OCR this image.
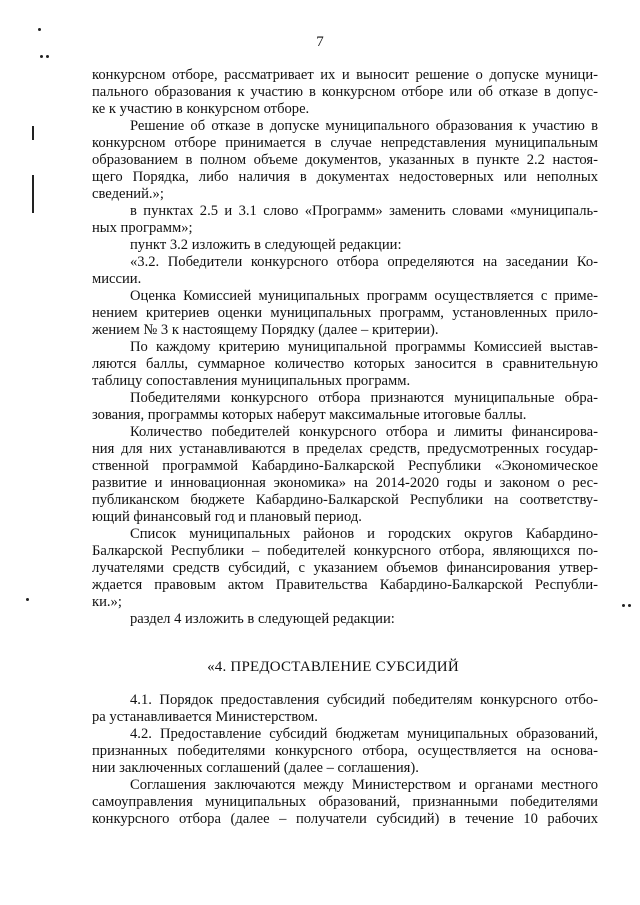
7
конкурсном отборе, рассматривает их и выносит решение о допуске муници-
пального образования к участию в конкурсном отборе или об отказе в допус-
ке к участию в конкурсном отборе.
Решение об отказе в допуске муниципального образования к участию в
конкурсном отборе принимается в случае непредставления муниципальным
образованием в полном объеме документов, указанных в пункте 2.2 настоя-
щего Порядка, либо наличия в документах недостоверных или неполных
сведений.»;
в пунктах 2.5 и 3.1 слово «Программ» заменить словами «муниципаль-
ных программ»;
пункт 3.2 изложить в следующей редакции:
«3.2. Победители конкурсного отбора определяются на заседании Ко-
миссии.
Оценка Комиссией муниципальных программ осуществляется с приме-
нением критериев оценки муниципальных программ, установленных прило-
жением № 3 к настоящему Порядку (далее – критерии).
По каждому критерию муниципальной программы Комиссией выстав-
ляются баллы, суммарное количество которых заносится в сравнительную
таблицу сопоставления муниципальных программ.
Победителями конкурсного отбора признаются муниципальные обра-
зования, программы которых наберут максимальные итоговые баллы.
Количество победителей конкурсного отбора и лимиты финансирова-
ния для них устанавливаются в пределах средств, предусмотренных государ-
ственной программой Кабардино-Балкарской Республики «Экономическое
развитие и инновационная экономика» на 2014-2020 годы и законом о рес-
публиканском бюджете Кабардино-Балкарской Республики на соответству-
ющий финансовый год и плановый период.
Список муниципальных районов и городских округов Кабардино-
Балкарской Республики – победителей конкурсного отбора, являющихся по-
лучателями средств субсидий, с указанием объемов финансирования утвер-
ждается правовым актом Правительства Кабардино-Балкарской Республи-
ки.»;
раздел 4 изложить в следующей редакции:
«4. ПРЕДОСТАВЛЕНИЕ СУБСИДИЙ
4.1. Порядок предоставления субсидий победителям конкурсного отбо-
ра устанавливается Министерством.
4.2. Предоставление субсидий бюджетам муниципальных образований,
признанных победителями конкурсного отбора, осуществляется на основа-
нии заключенных соглашений (далее – соглашения).
Соглашения заключаются между Министерством и органами местного
самоуправления муниципальных образований, признанными победителями
конкурсного отбора (далее – получатели субсидий) в течение 10 рабочих
